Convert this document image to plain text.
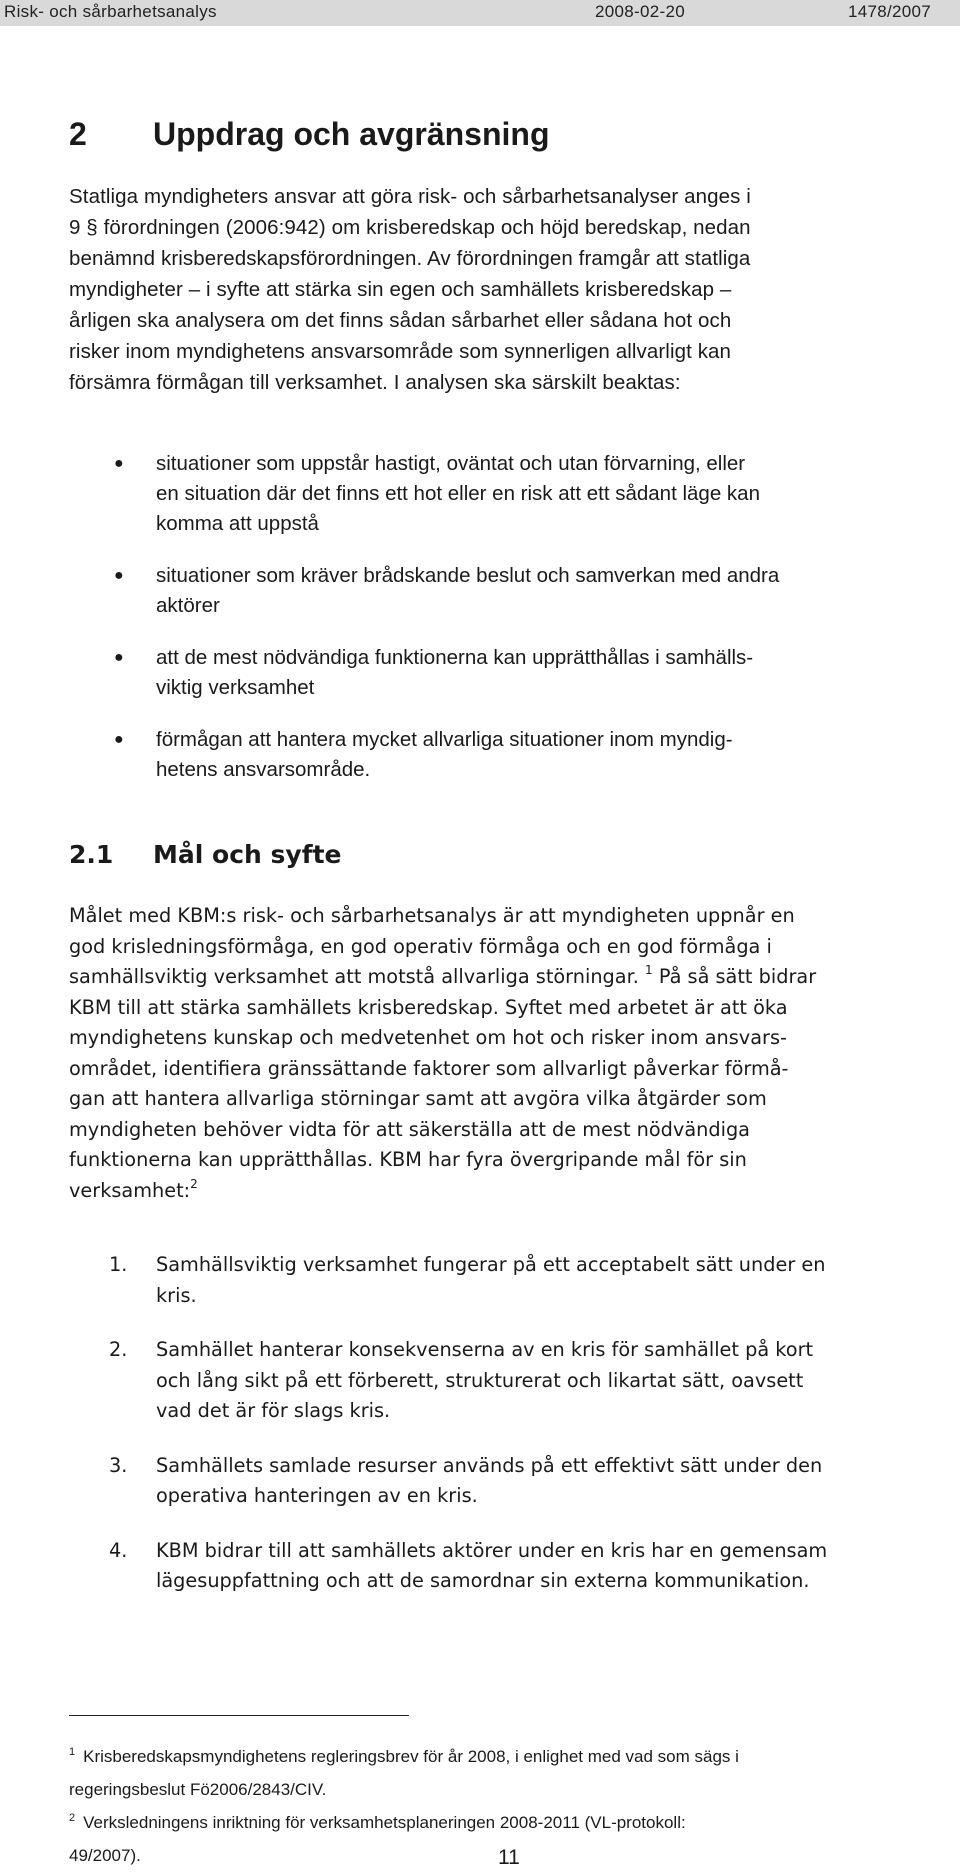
Risk- och sårbarhetsanalys	2008-02-20	1478/2007
2 Uppdrag och avgränsning
Statliga myndigheters ansvar att göra risk- och sårbarhetsanalyser anges i
9 § förordningen (2006:942) om krisberedskap och höjd beredskap, nedan
benämnd krisberedskapsförordningen. Av förordningen framgår att statliga
myndigheter – i syfte att stärka sin egen och samhällets krisberedskap –
årligen ska analysera om det finns sådan sårbarhet eller sådana hot och
risker inom myndighetens ansvarsområde som synnerligen allvarligt kan
försämra förmågan till verksamhet. I analysen ska särskilt beaktas:
● situationer som uppstår hastigt, oväntat och utan förvarning, eller
en situation där det finns ett hot eller en risk att ett sådant läge kan
komma att uppstå
● situationer som kräver brådskande beslut och samverkan med andra
aktörer
● att de mest nödvändiga funktionerna kan upprätthållas i samhälls-
viktig verksamhet
● förmågan att hantera mycket allvarliga situationer inom myndig-
hetens ansvarsområde.
2.1 Mål och syfte
Målet med KBM:s risk- och sårbarhetsanalys är att myndigheten uppnår en
god krisledningsförmåga, en god operativ förmåga och en god förmåga i
samhällsviktig verksamhet att motstå allvarliga störningar. $^1$ På så sätt bidrar
KBM till att stärka samhällets krisberedskap. Syftet med arbetet är att öka
myndighetens kunskap och medvetenhet om hot och risker inom ansvars-
området, identifiera gränssättande faktorer som allvarligt påverkar förmå-
gan att hantera allvarliga störningar samt att avgöra vilka åtgärder som
myndigheten behöver vidta för att säkerställa att de mest nödvändiga
funktionerna kan upprätthållas. KBM har fyra övergripande mål för sin
verksamhet:$^2$
1. Samhällsviktig verksamhet fungerar på ett acceptabelt sätt under en
kris.
2. Samhället hanterar konsekvenserna av en kris för samhället på kort
och lång sikt på ett förberett, strukturerat och likartat sätt, oavsett
vad det är för slags kris.
3. Samhällets samlade resurser används på ett effektivt sätt under den
operativa hanteringen av en kris.
4. KBM bidrar till att samhällets aktörer under en kris har en gemensam
lägesuppfattning och att de samordnar sin externa kommunikation.
$^1$ Krisberedskapsmyndighetens regleringsbrev för år 2008, i enlighet med vad som sägs i
regeringsbeslut Fö2006/2843/CIV.
$^2$ Verksledningens inriktning för verksamhetsplaneringen 2008-2011 (VL-protokoll:
49/2007).	11
